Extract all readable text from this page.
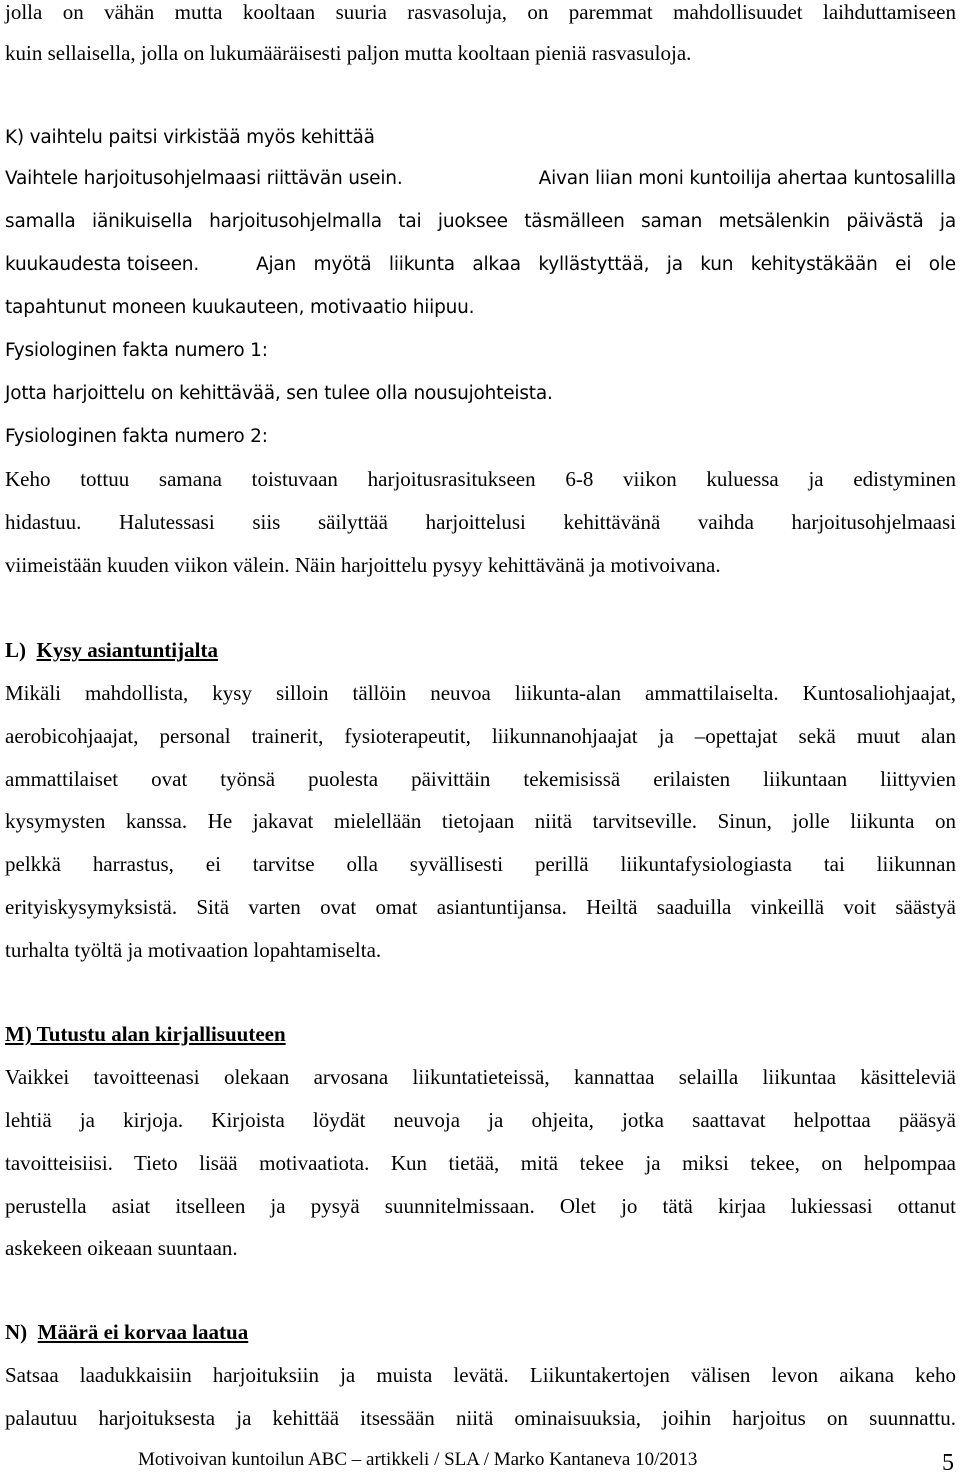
jolla on vähän mutta kooltaan suuria rasvasoluja, on paremmat mahdollisuudet laihduttamiseen

kuin sellaisella, jolla on lukumääräisesti paljon mutta kooltaan pieniä rasvasuloja.

K) vaihtelu paitsi virkistää myös kehittää

Vaihtele harjoitusohjelmaasi riittävän usein.	Aivan liian moni kuntoilija ahertaa kuntosalilla

samalla iänikuisella harjoitusohjelmalla tai juoksee täsmälleen saman metsälenkin päivästä ja

kuukaudesta toiseen.	Ajan myötä liikunta alkaa kyllästyttää, ja kun kehitystäkään ei ole

tapahtunut moneen kuukauteen, motivaatio hiipuu.

Fysiologinen fakta numero 1:

Jotta harjoittelu on kehittävää, sen tulee olla nousujohteista.

Fysiologinen fakta numero 2:

Keho tottuu samana toistuvaan harjoitusrasitukseen 6-8 viikon kuluessa ja edistyminen

hidastuu. Halutessasi siis säilyttää harjoittelusi kehittävänä vaihda harjoitusohjelmaasi

viimeistään kuuden viikon välein. Näin harjoittelu pysyy kehittävänä ja motivoivana.

L) Kysy asiantuntijalta

Mikäli mahdollista, kysy silloin tällöin neuvoa liikunta-alan ammattilaiselta. Kuntosaliohjaajat,

aerobicohjaajat, personal trainerit, fysioterapeutit, liikunnanohjaajat ja –opettajat sekä muut alan

ammattilaiset ovat työnsä puolesta päivittäin tekemisissä erilaisten liikuntaan liittyvien

kysymysten kanssa. He jakavat mielellään tietojaan niitä tarvitseville. Sinun, jolle liikunta on

pelkkä harrastus, ei tarvitse olla syvällisesti perillä liikuntafysiologiasta tai liikunnan

erityiskysymyksistä. Sitä varten ovat omat asiantuntijansa. Heiltä saaduilla vinkeillä voit säästyä

turhalta työltä ja motivaation lopahtamiselta.

M) Tutustu alan kirjallisuuteen

Vaikkei tavoitteenasi olekaan arvosana liikuntatieteissä, kannattaa selailla liikuntaa käsitteleviä

lehtiä ja kirjoja. Kirjoista löydät neuvoja ja ohjeita, jotka saattavat helpottaa pääsyä

tavoitteisiisi. Tieto lisää motivaatiota. Kun tietää, mitä tekee ja miksi tekee, on helpompaa

perustella asiat itselleen ja pysyä suunnitelmissaan. Olet jo tätä kirjaa lukiessasi ottanut

askekeen oikeaan suuntaan.

N) Määrä ei korvaa laatua

Satsaa laadukkaisiin harjoituksiin ja muista levätä. Liikuntakertojen välisen levon aikana keho

palautuu harjoituksesta ja kehittää itsessään niitä ominaisuuksia, joihin harjoitus on suunnattu.

Motivoivan kuntoilun ABC – artikkeli / SLA / Marko Kantaneva 10/2013	5
